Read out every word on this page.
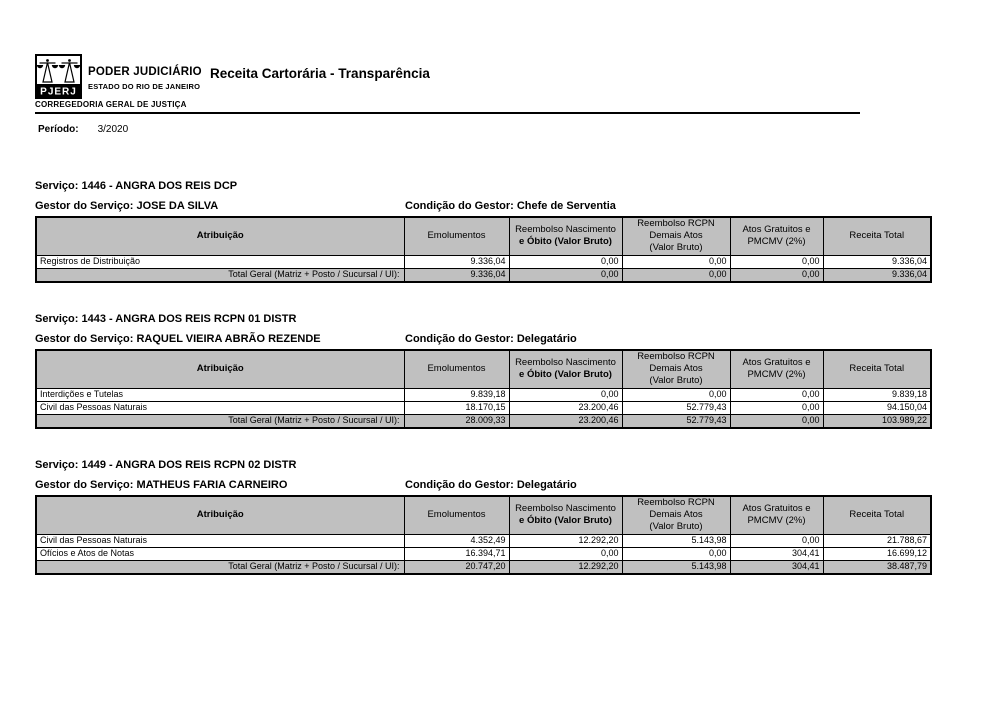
PJERJ
PODER JUDICIÁRIO
ESTADO DO RIO DE JANEIRO
CORREGEDORIA GERAL DE JUSTIÇA
Receita Cartorária - Transparência
Período: 3/2020
Serviço: 1446 - ANGRA DOS REIS DCP
Gestor do Serviço: JOSE DA SILVA	Condição do Gestor: Chefe de Serventia
Atribuição	Emolumentos	Reembolso Nascimento
e Óbito (Valor Bruto)	Reembolso RCPN
Demais Atos
(Valor Bruto)	Atos Gratuitos e
PMCMV (2%)	Receita Total
Registros de Distribuição	9.336,04	0,00	0,00	0,00	9.336,04
Total Geral (Matriz + Posto / Sucursal / UI):	9.336,04	0,00	0,00	0,00	9.336,04
Serviço: 1443 - ANGRA DOS REIS RCPN 01 DISTR
Gestor do Serviço: RAQUEL VIEIRA ABRÃO REZENDE	Condição do Gestor: Delegatário
Atribuição	Emolumentos	Reembolso Nascimento
e Óbito (Valor Bruto)	Reembolso RCPN
Demais Atos
(Valor Bruto)	Atos Gratuitos e
PMCMV (2%)	Receita Total
Interdições e Tutelas	9.839,18	0,00	0,00	0,00	9.839,18
Civil das Pessoas Naturais	18.170,15	23.200,46	52.779,43	0,00	94.150,04
Total Geral (Matriz + Posto / Sucursal / UI):	28.009,33	23.200,46	52.779,43	0,00	103.989,22
Serviço: 1449 - ANGRA DOS REIS RCPN 02 DISTR
Gestor do Serviço: MATHEUS FARIA CARNEIRO	Condição do Gestor: Delegatário
Atribuição	Emolumentos	Reembolso Nascimento
e Óbito (Valor Bruto)	Reembolso RCPN
Demais Atos
(Valor Bruto)	Atos Gratuitos e
PMCMV (2%)	Receita Total
Civil das Pessoas Naturais	4.352,49	12.292,20	5.143,98	0,00	21.788,67
Ofícios e Atos de Notas	16.394,71	0,00	0,00	304,41	16.699,12
Total Geral (Matriz + Posto / Sucursal / UI):	20.747,20	12.292,20	5.143,98	304,41	38.487,79
